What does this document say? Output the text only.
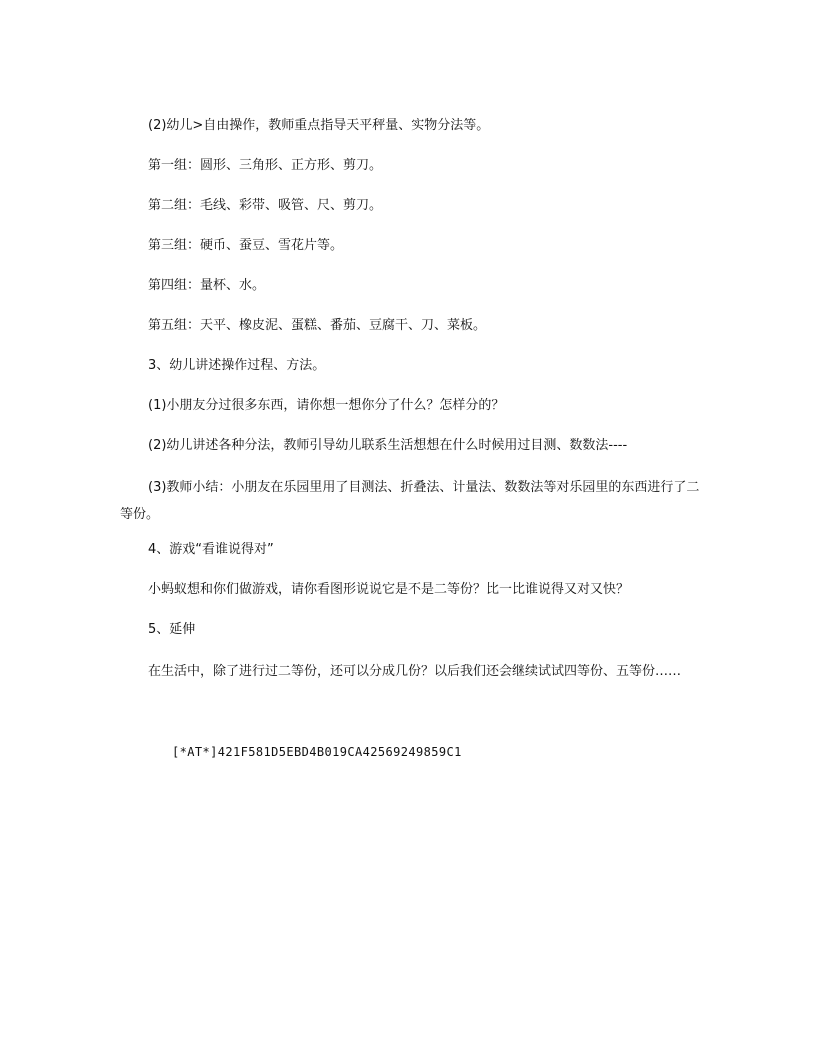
(2)幼儿>自由操作，教师重点指导天平秤量、实物分法等。
第一组：圆形、三角形、正方形、剪刀。
第二组：毛线、彩带、吸管、尺、剪刀。
第三组：硬币、蚕豆、雪花片等。
第四组：量杯、水。
第五组：天平、橡皮泥、蛋糕、番茄、豆腐干、刀、菜板。
3、幼儿讲述操作过程、方法。
(1)小朋友分过很多东西，请你想一想你分了什么？怎样分的？
(2)幼儿讲述各种分法，教师引导幼儿联系生活想想在什么时候用过目测、数数法----
(3)教师小结：小朋友在乐园里用了目测法、折叠法、计量法、数数法等对乐园里的东西进行了二等份。
4、游戏“看谁说得对”
小蚂蚁想和你们做游戏，请你看图形说说它是不是二等份？比一比谁说得又对又快？
5、延伸
在生活中，除了进行过二等份，还可以分成几份？以后我们还会继续试试四等份、五等份……
[*AT*]421F581D5EBD4B019CA42569249859C1
